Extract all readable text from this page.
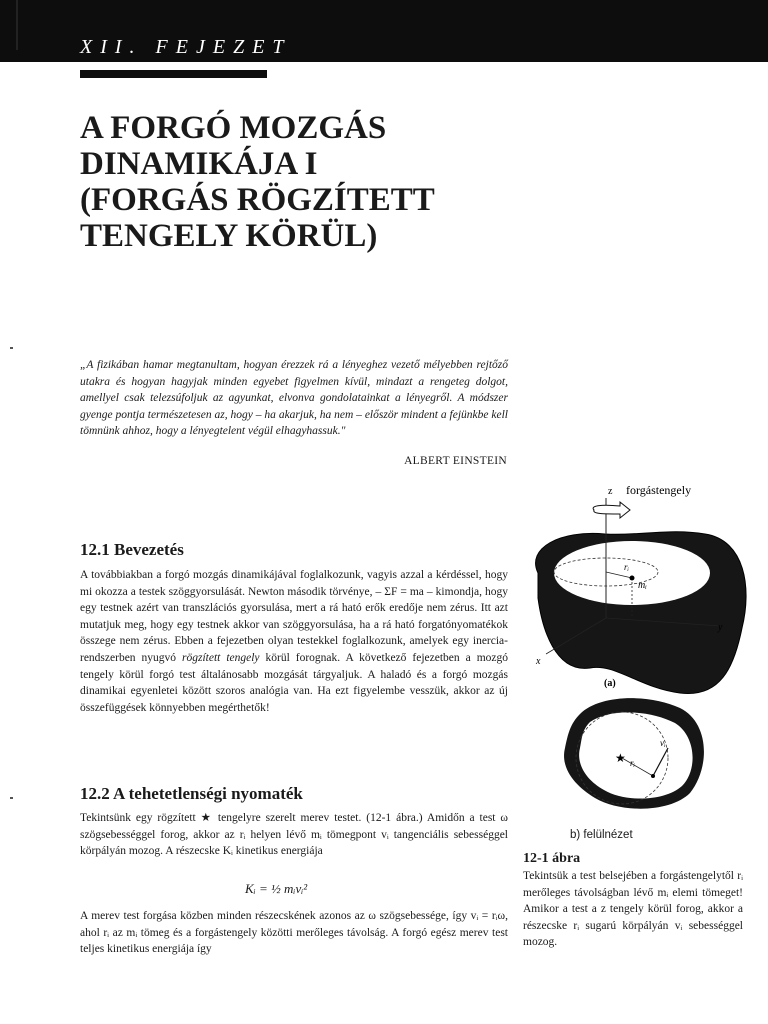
XII. FEJEZET
A FORGÓ MOZGÁS
DINAMIKÁJA I
(FORGÁS RÖGZÍTETT
TENGELY KÖRÜL)
„A fizikában hamar megtanultam, hogyan érezzek rá a lényeghez vezető mélyebben rejtőző utakra és hogyan hagyjak minden egyebet figyelmen kívül, mindazt a rengeteg dolgot, amellyel csak telezsúfoljuk az agyunkat, elvonva gondolatainkat a lényegről. A módszer gyenge pontja természetesen az, hogy – ha akarjuk, ha nem – először mindent a fejünkbe kell tömnünk ahhoz, hogy a lényegtelent végül elhagyhassuk."
ALBERT EINSTEIN
12.1 Bevezetés

A továbbiakban a forgó mozgás dinamikájával foglalkozunk, vagyis azzal a kérdéssel, hogy mi okozza a testek szöggyorsulását. Newton második törvénye, – ΣF = ma – kimondja, hogy egy testnek azért van transzlációs gyorsulása, mert a rá ható erők eredője nem zérus. Itt azt mutatjuk meg, hogy egy testnek akkor van szöggyorsulása, ha a rá ható forgatónyomatékok összege nem zérus. Ebben a fejezetben olyan testekkel foglalkozunk, amelyek egy inercia-rendszerben nyugvó rögzített tengely körül forognak. A következő fejezetben a mozgó tengely körül forgó test általánosabb mozgását tárgyaljuk. A haladó és a forgó mozgás dinamikai egyenletei között szoros analógia van. Ha ezt figyelembe vesszük, akkor az új összefüggések könnyebben megérthetők!

12.2 A tehetetlenségi nyomaték

Tekintsünk egy rögzített ★ tengelyre szerelt merev testet. (12-1 ábra.) Amidőn a test ω szögsebességgel forog, akkor az rᵢ helyen lévő mᵢ tömegpont vᵢ tangenciális sebességgel körpályán mozog. A részecske Kᵢ kinetikus energiája

Kᵢ = ½ mᵢvᵢ²

A merev test forgása közben minden részecskének azonos az ω szögsebessége, így vᵢ = rᵢω, ahol rᵢ az mᵢ tömeg és a forgástengely közötti merőleges távolság. A forgó egész merev test teljes kinetikus energiája így

z forgástengely
rᵢ
mᵢ
y
x
(a)
★ rᵢ
vᵢ
b) felülnézet
12-1 ábra
Tekintsük a test belsejében a forgástengelytől rᵢ merőleges távolságban lévő mᵢ elemi tömeget! Amikor a test a z tengely körül forog, akkor a részecske rᵢ sugarú körpályán vᵢ sebességgel mozog.
